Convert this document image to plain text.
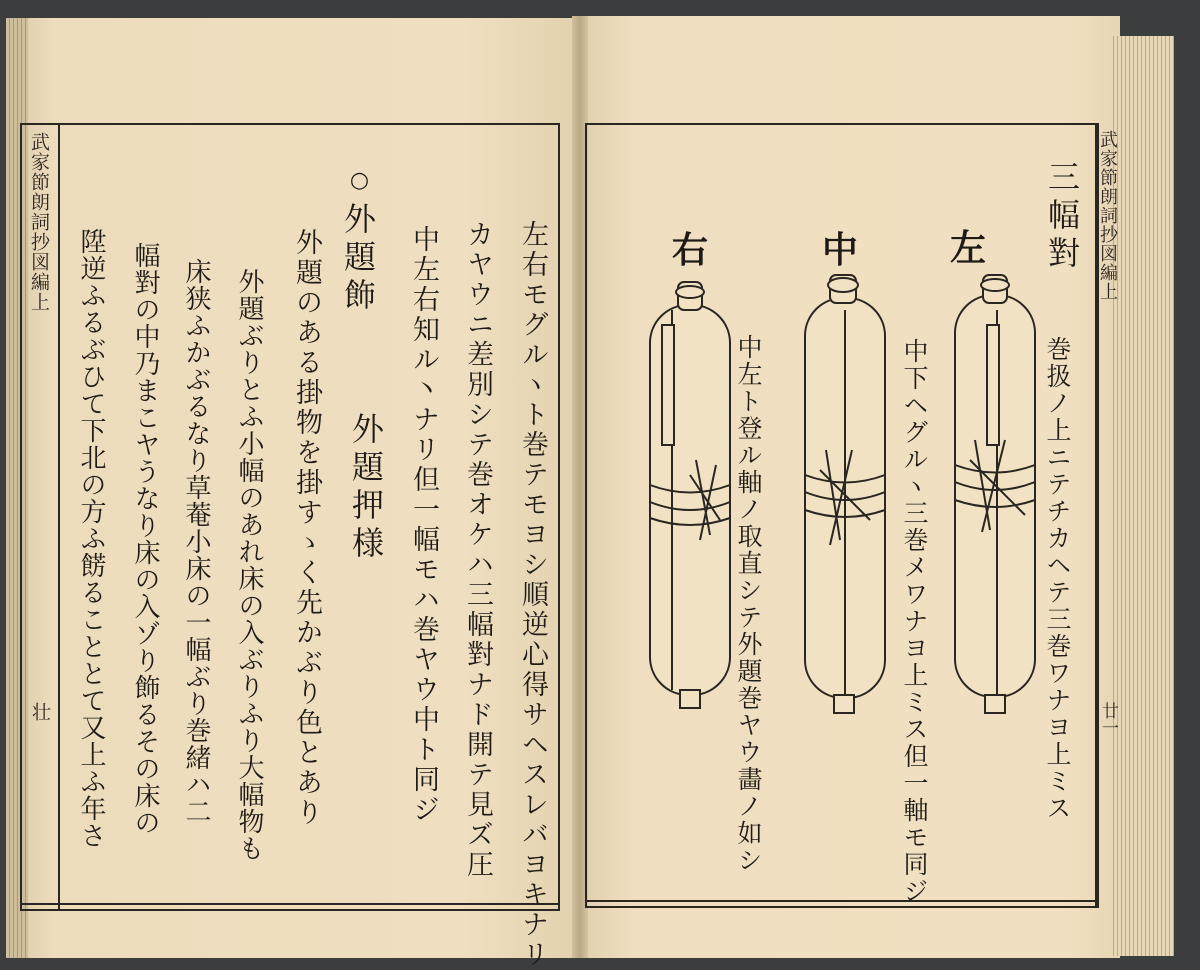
武家節朗詞抄図編上
壮	左右モグルヽト巻テモヨシ順逆心得サヘスレバヨキナリ
カヤウニ差別シテ巻オケハ三幅對ナド開テ見ズ圧
中左右知ル丶ナリ但一幅モハ巻ヤウ中ト同ジ
○
外題飾
外題のある掛物を掛すゝく先かぶり色とあり 外題押様
外題ぶりとふ小幅のあれ床の入ぶりふり大幅物も
床狭ふかぶるなり草菴小床の一幅ぶり巻緒ハ二
幅對の中乃まこヤうなり床の入ゾり飾るその床の
陞逆ふるぶひて下北の方ふ餝ることとて又上ふ年さ
武家節朗詞抄図編上
廿一
三幅對
左
中
右
巻扱ノ上ニテチカヘテ三巻ワナヨ上ミス
中下ヘグルヽ三巻メワナヨ上ミス但一軸モ同ジ
中左ト登ル軸ノ取直シテ外題巻ヤウ畵ノ如シ
